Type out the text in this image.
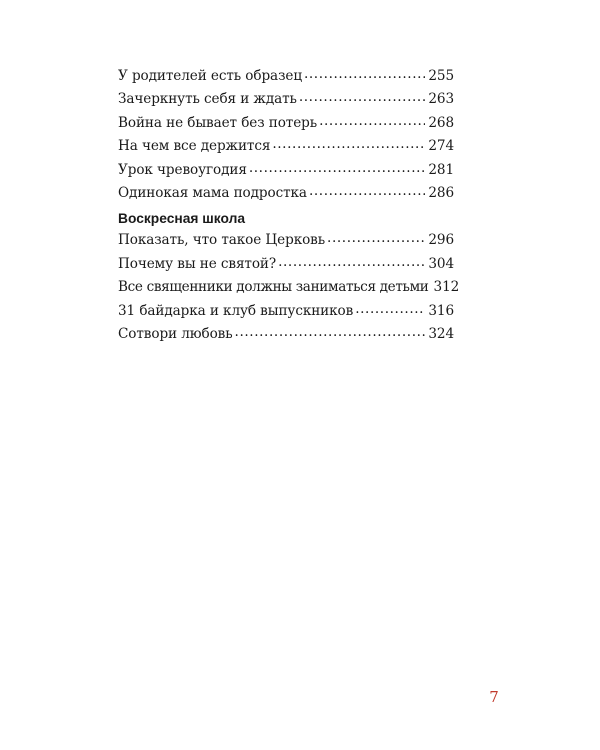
У родителей есть образец .....	255
Зачеркнуть себя и ждать .....	263
Война не бывает без потерь .....	268
На чем все держится .....	274
Урок чревоугодия .....	281
Одинокая мама подростка .....	286
Воскресная школа
Показать, что такое Церковь .....	296
Почему вы не святой? .....	304
Все священники должны заниматься детьми 312
31 байдарка и клуб выпускников .....	316
Сотвори любовь .....	324
7
